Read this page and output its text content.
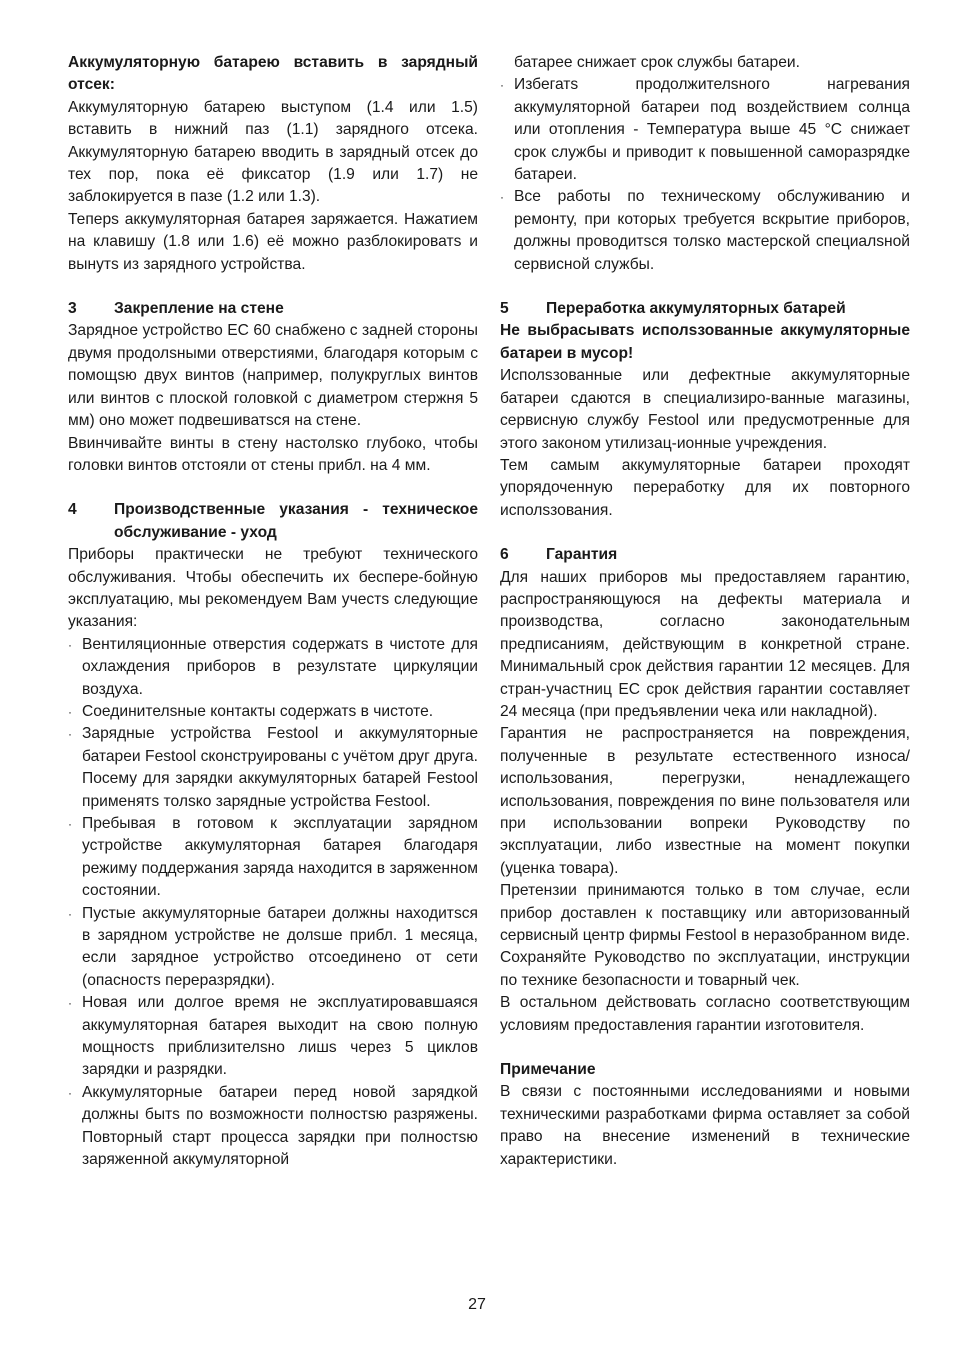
Аккумуляторную батарею вставить в зарядный отсек:

Аккумуляторную батарею выступом (1.4 или 1.5) вставить в нижний паз (1.1) зарядного отсека. Аккумуляторную батарею вводить в зарядный отсек до тех пор, пока её фиксатор (1.9 или 1.7) не заблокируется в пазе (1.2 или 1.3).

Теперs аккумуляторная батарея заряжается. Нажатием на клавишу (1.8 или 1.6) её можно разблокироватs и вынутs из зарядного устройства.

3	Закрепление на стене

Зарядное устройство EC 60 снабжено с задней стороны двумя продолsными отверстиями, благодаря которым с помощsю двух винтов (например, полукруглых винтов или винтов с плоской головкой с диаметром стержня 5 мм) оно может подвешиватsся на стене.

Ввинчивайте винты в стену настолsко глубоко, чтобы головки винтов отстояли от стены прибл. на 4 мм.

4	Производственные указания - техническое обслуживание - уход

Приборы практически не требуют технического обслуживания. Чтобы обеспечить их беспере-бойную эксплуатацию, мы рекомендуем Вам учестs следующие указания:

· Вентиляционные отверстия содержатs в чистоте для охлаждения приборов в резулsтате циркуляции воздуха.
· Соединителsные контакты содержатs в чистоте.
· Зарядные устройства Festool и аккумуляторные батареи Festool сконструированы с учётом друг друга. Посему для зарядки аккумуляторных батарей Festool применятs толsко зарядные устройства Festool.
· Пребывая в готовом к эксплуатации зарядном устройстве аккумуляторная батарея благодаря режиму поддержания заряда находится в заряженном состоянии.
· Пустые аккумуляторные батареи должны находитsся в зарядном устройстве не долsше прибл. 1 месяца, если зарядное устройство отсоединено от сети (опасностs переразрядки).
· Новая или долгое время не эксплуатировавшаяся аккумуляторная батарея выходит на свою полную мощностs приблизителsно лишs через 5 циклов зарядки и разрядки.
· Аккумуляторные батареи перед новой зарядкой должны бытs по возможности полностsю разряжены. Повторный старт процесса зарядки при полностsю заряженной аккумуляторной

батарее снижает срок службы батареи.

· Избегатs продолжителsного нагревания аккумуляторной батареи под воздействием солнца или отопления - Температура выше 45 °C снижает срок службы и приводит к повышенной саморазрядке батареи.
· Все работы по техническому обслуживанию и ремонту, при которых требуется вскрытие приборов, должны проводитsся толsко мастерской специалsной сервисной службы.
5	Переработка аккумуляторных батарей

Не выбрасыватs исполsзованные аккумуляторные батареи в мусор!

Исполsзованные или дефектные аккумуляторные батареи сдаются в специализиро-ванные магазины, сервисную службу Festool или предусмотренные для этого законом утилизац-ионные учреждения.

Тем самым аккумуляторные батареи проходят упорядоченную переработку для их повторного исполsзования.

6	Гарантия

Для наших приборов мы предоставляем гарантию, распространяющуюся на дефекты материала и производства, согласно законодательным предписаниям, действующим в конкретной стране. Минимальный срок действия гарантии 12 месяцев. Для стран-участниц ЕС срок действия гарантии составляет 24 месяца (при предъявлении чека или накладной).

Гарантия не распространяется на повреждения, полученные в результате естественного износа/ использования, перегрузки, ненадлежащего использования, повреждения по вине пользователя или при использовании вопреки Руководству по эксплуатации, либо известные на момент покупки (уценка товара).

Претензии принимаются только в том случае, если прибор доставлен к поставщику или авторизованный сервисный центр фирмы Festool в неразобранном виде. Сохраняйте Руководство по эксплуатации, инструкции по технике безопасности и товарный чек.

В остальном действовать согласно соответствующим условиям предоставления гарантии изготовителя.

Примечание

В связи с постоянными исследованиями и новыми техническими разработками фирма оставляет за собой право на внесение изменений в технические характеристики.

27
